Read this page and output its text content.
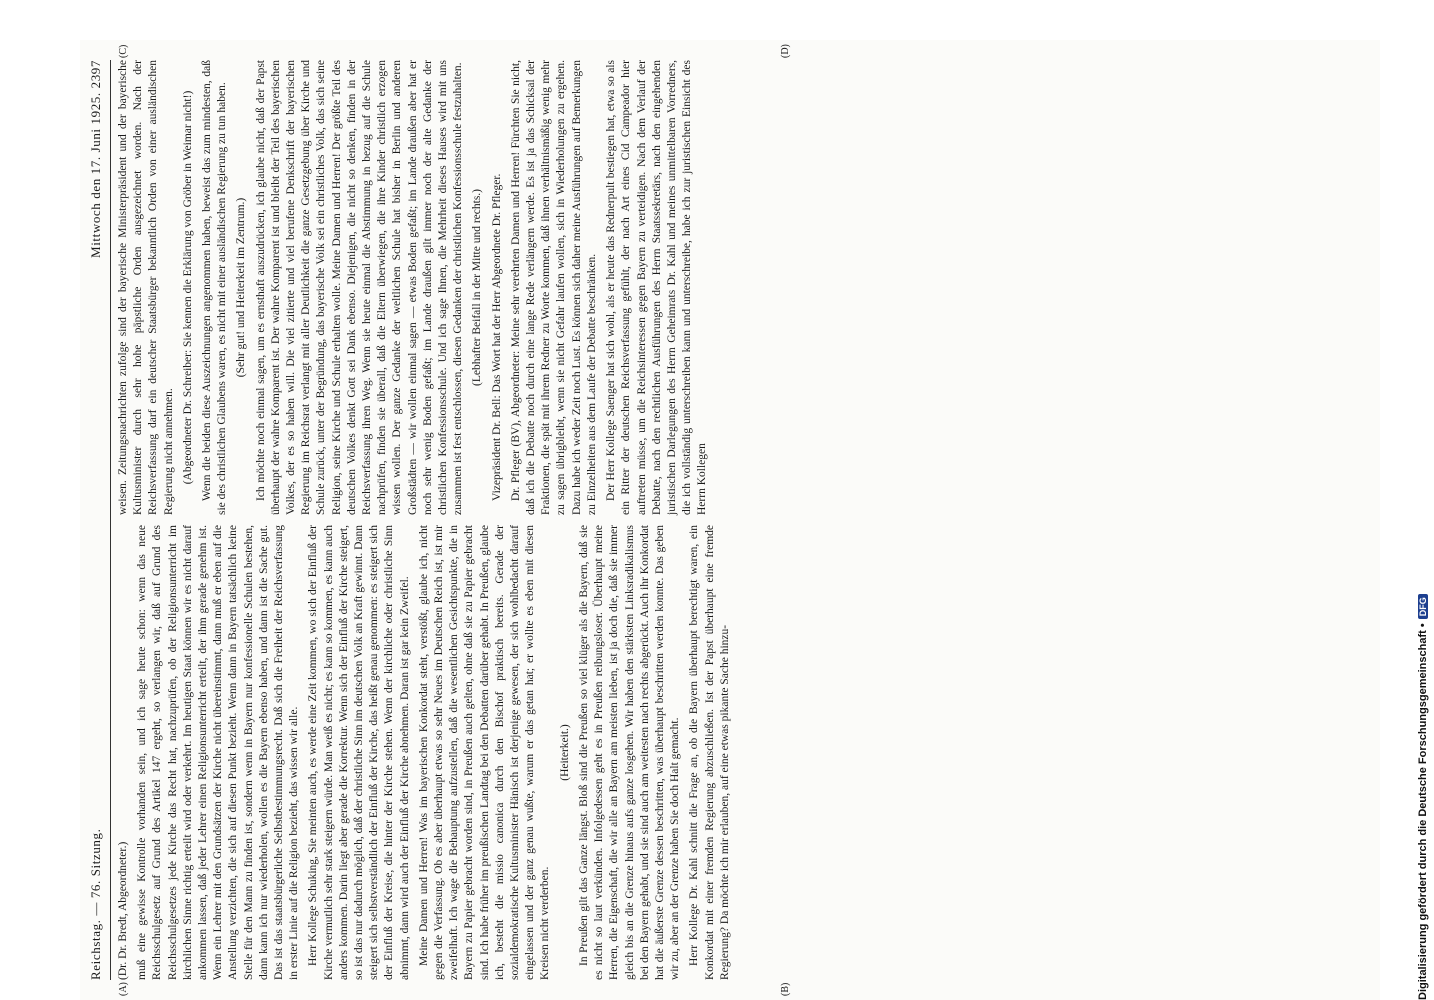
Reichstag. — 76. Sitzung.
Mittwoch den 17. Juni 1925. 2397
(A)	(B)
(C)	(D)

(Dr. Dr. Bredt, Abgeordneter.) muß eine gewisse Kontrolle vorhanden sein, und ich sage heute schon: wenn das neue Reichsschulgesetz auf Grund des Artikel 147 ergeht, so verlangen wir, daß auf Grund des Reichsschulgesetzes jede Kirche das Recht hat, nachzuprüfen, ob der Religionsunterricht im kirchlichen Sinne richtig erteilt wird oder verkehrt. Im heutigen Staat können wir es nicht darauf ankommen lassen, daß jeder Lehrer einen Religionsunterricht erteilt, der ihm gerade genehm ist. Wenn ein Lehrer mit den Grundsätzen der Kirche nicht übereinstimmt, dann muß er eben auf die Anstellung verzichten, die sich auf diesen Punkt bezieht. Wenn dann in Bayern tatsächlich keine Stelle für den Mann zu finden ist, sondern wenn in Bayern nur konfessionelle Schulen bestehen, dann kann ich nur wiederholen, wollen es die Bayern ebenso haben, und dann ist die Sache gut. Das ist das staatsbürgerliche Selbstbestimmungsrecht. Daß sich die Freiheit der Reichsverfassung in erster Linie auf die Religion bezieht, das wissen wir alle. Herr Kollege Schuking, Sie meinten auch, es werde eine Zeit kommen, wo sich der Einfluß der Kirche vermutlich sehr stark steigern würde. Man weiß es nicht; es kann so kommen, es kann auch anders kommen. Darin liegt aber gerade die Korrektur. Wenn sich der Einfluß der Kirche steigert, so ist das nur dadurch möglich, daß der christliche Sinn im deutschen Volk an Kraft gewinnt. Dann steigert sich selbstverständlich der Einfluß der Kirche, das heißt genau genommen: es steigert sich der Einfluß der Kreise, die hinter der Kirche stehen. Wenn der kirchliche oder christliche Sinn abnimmt, dann wird auch der Einfluß der Kirche abnehmen. Daran ist gar kein Zweifel. Meine Damen und Herren! Was im bayerischen Konkordat steht, verstößt, glaube ich, nicht gegen die Verfassung. Ob es aber überhaupt etwas so sehr Neues im Deutschen Reich ist, ist mir zweifelhaft. Ich wage die Behauptung aufzustellen, daß die wesentlichen Gesichtspunkte, die in Bayern zu Papier gebracht worden sind, in Preußen auch gelten, ohne daß sie zu Papier gebracht sind. Ich habe früher im preußischen Landtag bei den Debatten darüber gehabt. In Preußen, glaube ich, besteht die missio canonica durch den Bischof praktisch bereits. Gerade der sozialdemokratische Kultusminister Hänisch ist derjenige gewesen, der sich wohlbedacht darauf eingelassen und der ganz genau wußte, warum er das getan hat; er wollte es eben mit diesen Kreisen nicht verderben.

(Heiterkeit.) In Preußen gilt das Ganze längst. Bloß sind die Preußen so viel klüger als die Bayern, daß sie es nicht so laut verkünden. Infolgedessen geht es in Preußen reibungsloser. Überhaupt meine Herren, die Eigenschaft, die wir alle an Bayern am meisten lieben, ist ja doch die, daß sie immer gleich bis an die Grenze hinaus aufs ganze losgehen. Wir haben den stärksten Linksradikalismus bei den Bayern gehabt, und sie sind auch am weitesten nach rechts abgerückt. Auch ihr Konkordat hat die äußerste Grenze dessen beschritten, was überhaupt beschritten werden konnte. Das geben wir zu, aber an der Grenze haben Sie doch Halt gemacht. Herr Kollege Dr. Kahl schnitt die Frage an, ob die Bayern überhaupt berechtigt waren, ein Konkordat mit einer fremden Regierung abzuschließen. Ist der Papst überhaupt eine fremde Regierung? Da möchte ich mir erlauben, auf eine etwas pikante Sache hinzu-

weisen. Zeitungsnachrichten zufolge sind der bayerische Ministerpräsident und der bayerische Kultusminister durch sehr hohe päpstliche Orden ausgezeichnet worden. Nach der Reichsverfassung darf ein deutscher Staatsbürger bekanntlich Orden von einer ausländischen Regierung nicht annehmen. (Abgeordneter Dr. Schreiber: Sie kennen die Erklärung von Gröber in Weimar nicht!) Wenn die beiden diese Auszeichnungen angenommen haben, beweist das zum mindesten, daß sie des christlichen Glaubens waren, es nicht mit einer ausländischen Regierung zu tun haben. (Sehr gut! und Heiterkeit im Zentrum.) Ich möchte noch einmal sagen, um es ernsthaft auszudrücken, ich glaube nicht, daß der Papst überhaupt der wahre Komparent ist. Der wahre Komparent ist und bleibt der Teil des bayerischen Volkes, der es so haben will. Die viel zitierte und viel berufene Denkschrift der bayerischen Regierung im Reichsrat verlangt mit aller Deutlichkeit die ganze Gesetzgebung über Kirche und Schule zurück, unter der Begründung, das bayerische Volk sei ein christliches Volk, das sich seine Religion, seine Kirche und Schule erhalten wolle. Meine Damen und Herren! Der größte Teil des deutschen Volkes denkt Gott sei Dank ebenso. Diejenigen, die nicht so denken, finden in der Reichsverfassung ihren Weg. Wenn sie heute einmal die Abstimmung in bezug auf die Schule nachprüfen, finden sie überall, daß die Eltern überwiegen, die ihre Kinder christlich erzogen wissen wollen. Der ganze Gedanke der weltlichen Schule hat bisher in Berlin und anderen Großstädten — wir wollen einmal sagen — etwas Boden gefaßt; im Lande draußen aber hat er noch sehr wenig Boden gefaßt; im Lande draußen gilt immer noch der alte Gedanke der christlichen Konfessionsschule. Und ich sage Ihnen, die Mehrheit dieses Hauses wird mit uns zusammen ist fest entschlossen, diesen Gedanken der christlichen Konfessionsschule festzuhalten. (Lebhafter Beifall in der Mitte und rechts.) Vizepräsident Dr. Bell: Das Wort hat der Herr Abgeordnete Dr. Pfleger. Dr. Pfleger (BV), Abgeordneter: Meine sehr verehrten Damen und Herren! Fürchten Sie nicht, daß ich die Debatte noch durch eine lange Rede verlängern werde. Es ist ja das Schicksal der Fraktionen, die spät mit ihrem Redner zu Worte kommen, daß ihnen verhältnismäßig wenig mehr zu sagen übrigbleibt, wenn sie nicht Gefahr laufen wollen, sich in Wiederholungen zu ergehen. Dazu habe ich weder Zeit noch Lust. Es können sich daher meine Ausführungen auf Bemerkungen zu Einzelheiten aus dem Laufe der Debatte beschränken. Der Herr Kollege Saenger hat sich wohl, als er heute das Rednerpult bestiegen hat, etwa so als ein Ritter der deutschen Reichsverfassung gefühlt, der nach Art eines Cid Campeador hier auftreten müsse, um die Reichsinteressen gegen Bayern zu verteidigen. Nach dem Verlauf der Debatte, nach den rechtlichen Ausführungen des Herrn Staatssekretärs, nach den eingehenden juristischen Darlegungen des Herrn Geheimrats Dr. Kahl und meines unmittelbaren Vorredners, die ich vollständig unterschreiben kann und unterschreibe, habe ich zur juristischen Einsicht des Herrn Kollegen

Digitalisierung gefördert durch die Deutsche Forschungsgemeinschaft •DFG
